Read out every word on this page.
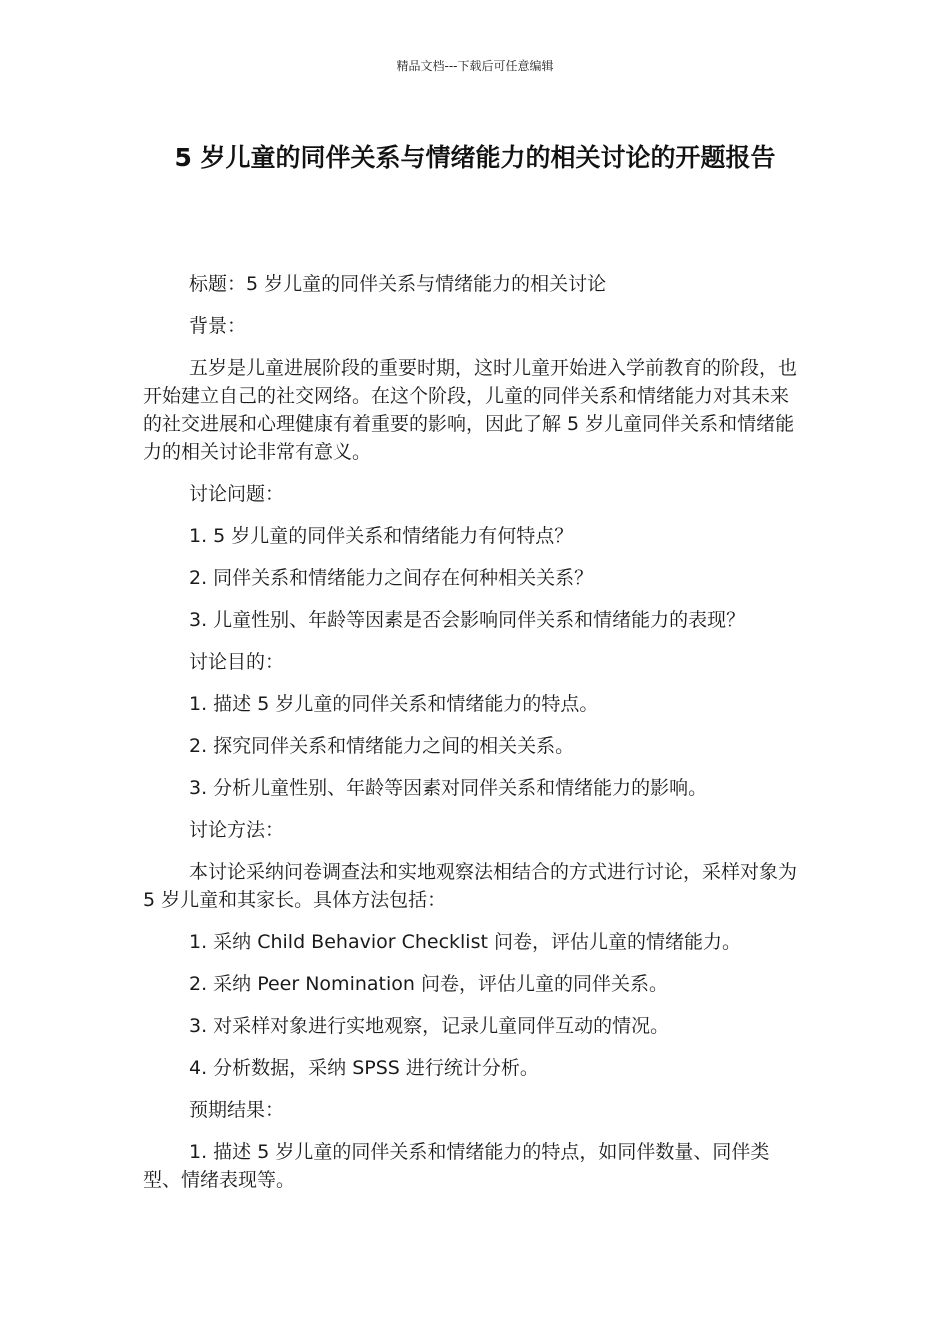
精品文档---下载后可任意编辑
5 岁儿童的同伴关系与情绪能力的相关讨论的开题报告

标题：5 岁儿童的同伴关系与情绪能力的相关讨论

背景：

五岁是儿童进展阶段的重要时期，这时儿童开始进入学前教育的阶段，也开始建立自己的社交网络。在这个阶段，儿童的同伴关系和情绪能力对其未来的社交进展和心理健康有着重要的影响，因此了解 5 岁儿童同伴关系和情绪能力的相关讨论非常有意义。

讨论问题：

1. 5 岁儿童的同伴关系和情绪能力有何特点？

2. 同伴关系和情绪能力之间存在何种相关关系？

3. 儿童性别、年龄等因素是否会影响同伴关系和情绪能力的表现？

讨论目的：

1. 描述 5 岁儿童的同伴关系和情绪能力的特点。

2. 探究同伴关系和情绪能力之间的相关关系。

3. 分析儿童性别、年龄等因素对同伴关系和情绪能力的影响。

讨论方法：

本讨论采纳问卷调查法和实地观察法相结合的方式进行讨论，采样对象为 5 岁儿童和其家长。具体方法包括：

1. 采纳 Child Behavior Checklist 问卷，评估儿童的情绪能力。

2. 采纳 Peer Nomination 问卷，评估儿童的同伴关系。

3. 对采样对象进行实地观察，记录儿童同伴互动的情况。

4. 分析数据，采纳 SPSS 进行统计分析。

预期结果：

1. 描述 5 岁儿童的同伴关系和情绪能力的特点，如同伴数量、同伴类型、情绪表现等。
